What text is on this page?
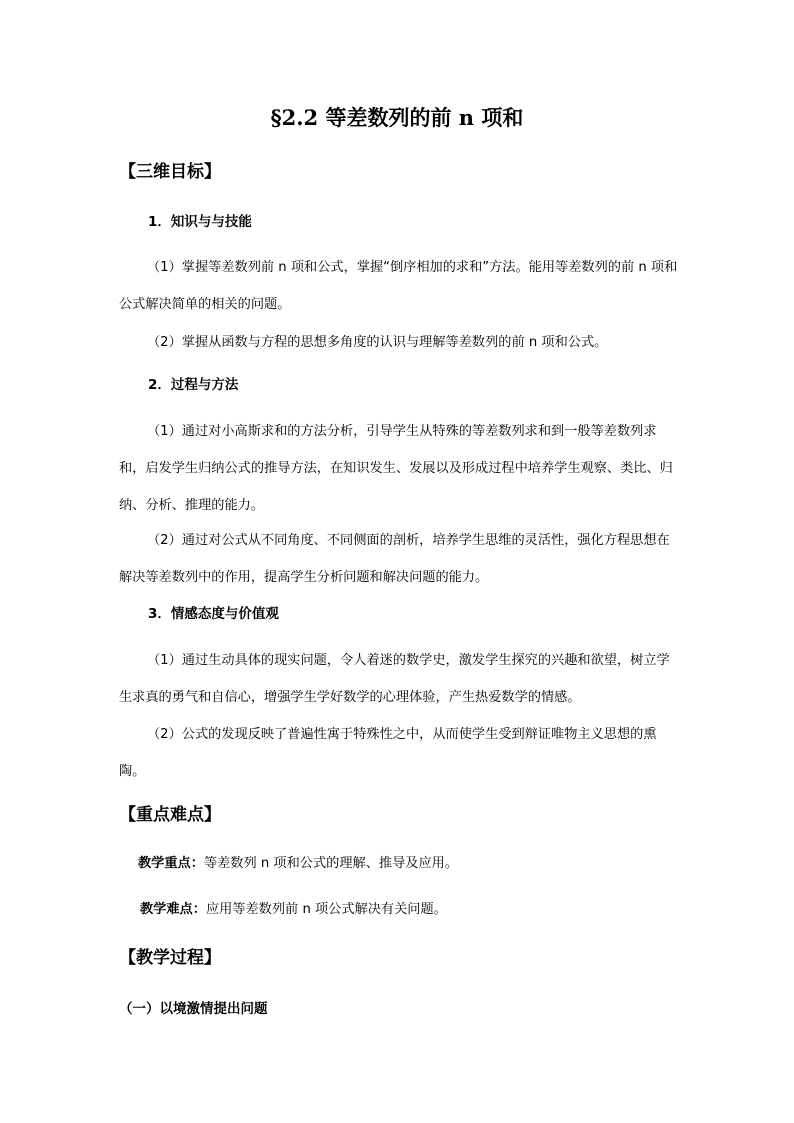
§2.2 等差数列的前 n 项和
【三维目标】
1．知识与与技能

（1）掌握等差数列前 n 项和公式，掌握“倒序相加的求和”方法。能用等差数列的前 n 项和公式解决简单的相关的问题。

（2）掌握从函数与方程的思想多角度的认识与理解等差数列的前 n 项和公式。

2．过程与方法

（1）通过对小高斯求和的方法分析，引导学生从特殊的等差数列求和到一般等差数列求和，启发学生归纳公式的推导方法，在知识发生、发展以及形成过程中培养学生观察、类比、归纳、分析、推理的能力。

（2）通过对公式从不同角度、不同侧面的剖析，培养学生思维的灵活性，强化方程思想在解决等差数列中的作用，提高学生分析问题和解决问题的能力。

3．情感态度与价值观

（1）通过生动具体的现实问题，令人着迷的数学史，激发学生探究的兴趣和欲望，树立学生求真的勇气和自信心，增强学生学好数学的心理体验，产生热爱数学的情感。

（2）公式的发现反映了普遍性寓于特殊性之中，从而使学生受到辩证唯物主义思想的熏陶。

【重点难点】
教学重点：等差数列 n 项和公式的理解、推导及应用。
教学难点：应用等差数列前 n 项公式解决有关问题。
【教学过程】
（一）以境激情提出问题
